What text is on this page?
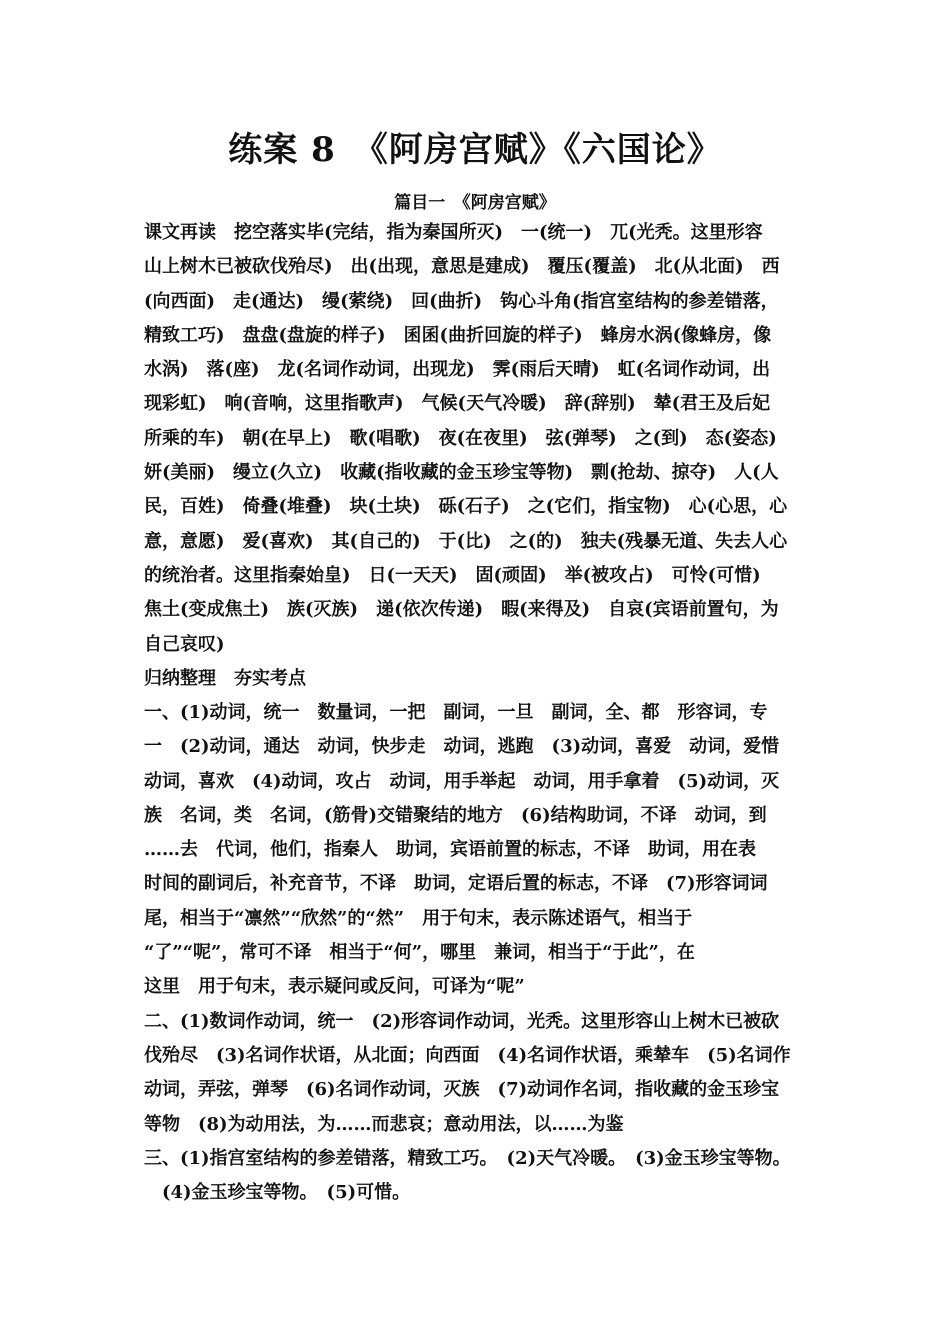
练案 8　《阿房宫赋》《六国论》
篇目一　《阿房宫赋》
课文再读　挖空落实毕(完结，指为秦国所灭)　一(统一)　兀(光秃。这里形容
山上树木已被砍伐殆尽)　出(出现，意思是建成)　覆压(覆盖)　北(从北面)　西
(向西面)　走(通达)　缦(萦绕)　回(曲折)　钩心斗角(指宫室结构的参差错落，
精致工巧)　盘盘(盘旋的样子)　囷囷(曲折回旋的样子)　蜂房水涡(像蜂房，像
水涡)　落(座)　龙(名词作动词，出现龙)　霁(雨后天晴)　虹(名词作动词，出
现彩虹)　响(音响，这里指歌声)　气候(天气冷暖)　辞(辞别)　辇(君王及后妃
所乘的车)　朝(在早上)　歌(唱歌)　夜(在夜里)　弦(弹琴)　之(到)　态(姿态)
妍(美丽)　缦立(久立)　收藏(指收藏的金玉珍宝等物)　剽(抢劫、掠夺)　人(人
民，百姓)　倚叠(堆叠)　块(土块)　砾(石子)　之(它们，指宝物)　心(心思，心
意，意愿)　爱(喜欢)　其(自己的)　于(比)　之(的)　独夫(残暴无道、失去人心
的统治者。这里指秦始皇)　日(一天天)　固(顽固)　举(被攻占)　可怜(可惜)
焦土(变成焦土)　族(灭族)　递(依次传递)　暇(来得及)　自哀(宾语前置句，为
自己哀叹)
归纳整理　夯实考点
一、(1)动词，统一　数量词，一把　副词，一旦　副词，全、都　形容词，专
一　(2)动词，通达　动词，快步走　动词，逃跑　(3)动词，喜爱　动词，爱惜
动词，喜欢　(4)动词，攻占　动词，用手举起　动词，用手拿着　(5)动词，灭
族　名词，类　名词，(筋骨)交错聚结的地方　(6)结构助词，不译　动词，到
……去　代词，他们，指秦人　助词，宾语前置的标志，不译　助词，用在表
时间的副词后，补充音节，不译　助词，定语后置的标志，不译　(7)形容词词
尾，相当于“凛然”“欣然”的“然”　用于句末，表示陈述语气，相当于
“了”“呢”，常可不译　相当于“何”，哪里　兼词，相当于“于此”，在
这里　用于句末，表示疑问或反问，可译为“呢”
二、(1)数词作动词，统一　(2)形容词作动词，光秃。这里形容山上树木已被砍
伐殆尽　(3)名词作状语，从北面；向西面　(4)名词作状语，乘辇车　(5)名词作
动词，弄弦，弹琴　(6)名词作动词，灭族　(7)动词作名词，指收藏的金玉珍宝
等物　(8)为动用法，为……而悲哀；意动用法，以……为鉴
三、(1)指宫室结构的参差错落，精致工巧。　(2)天气冷暖。　(3)金玉珍宝等物。
(4)金玉珍宝等物。　(5)可惜。
